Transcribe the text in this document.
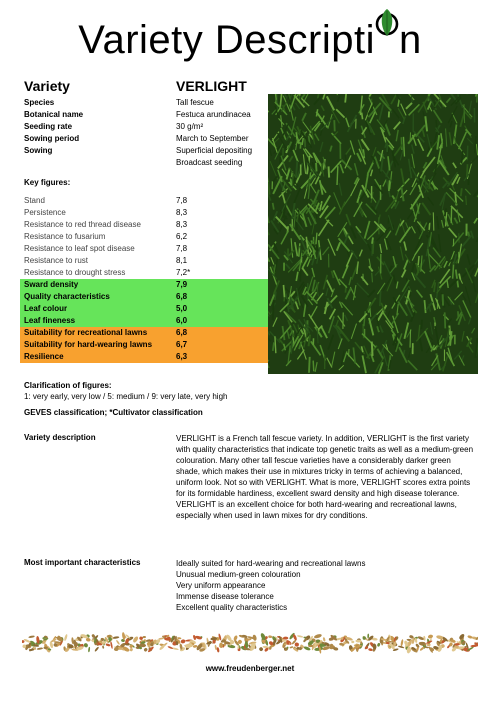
Variety Descripti n
Variety	VERLIGHT
Species	Tall fescue
Botanical name	Festuca arundinacea
Seeding rate	30 g/m²
Sowing period	March to September
Sowing	Superficial depositing
Broadcast seeding
Key figures:
Stand	7,8
Persistence	8,3
Resistance to red thread disease	8,3
Resistance to fusarium	6,2
Resistance to leaf spot disease	7,8
Resistance to rust	8,1
Resistance to drought stress	7,2*
Sward density	7,9
Quality characteristics	6,8
Leaf colour	5,0
Leaf fineness	6,0
Suitability for recreational lawns	6,8
Suitability for hard-wearing lawns	6,7
Resilience	6,3
Clarification of figures:
1: very early, very low / 5: medium / 9: very late, very high
GEVES classification; *Cultivator classification
Variety description	VERLIGHT is a French tall fescue variety. In addition, VERLIGHT is the first variety with quality characteristics that indicate top genetic traits as well as a medium-green colouration. Many other tall fescue varieties have a considerably darker green shade, which makes their use in mixtures tricky in terms of achieving a balanced, uniform look. Not so with VERLIGHT. What is more, VERLIGHT scores extra points for its formidable hardiness, excellent sward density and high disease tolerance. VERLIGHT is an excellent choice for both hard-wearing and recreational lawns, especially when used in lawn mixes for dry conditions.
Most important characteristics	Ideally suited for hard-wearing and recreational lawns
Unusual medium-green colouration
Very uniform appearance
Immense disease tolerance
Excellent quality characteristics
www.freudenberger.net
